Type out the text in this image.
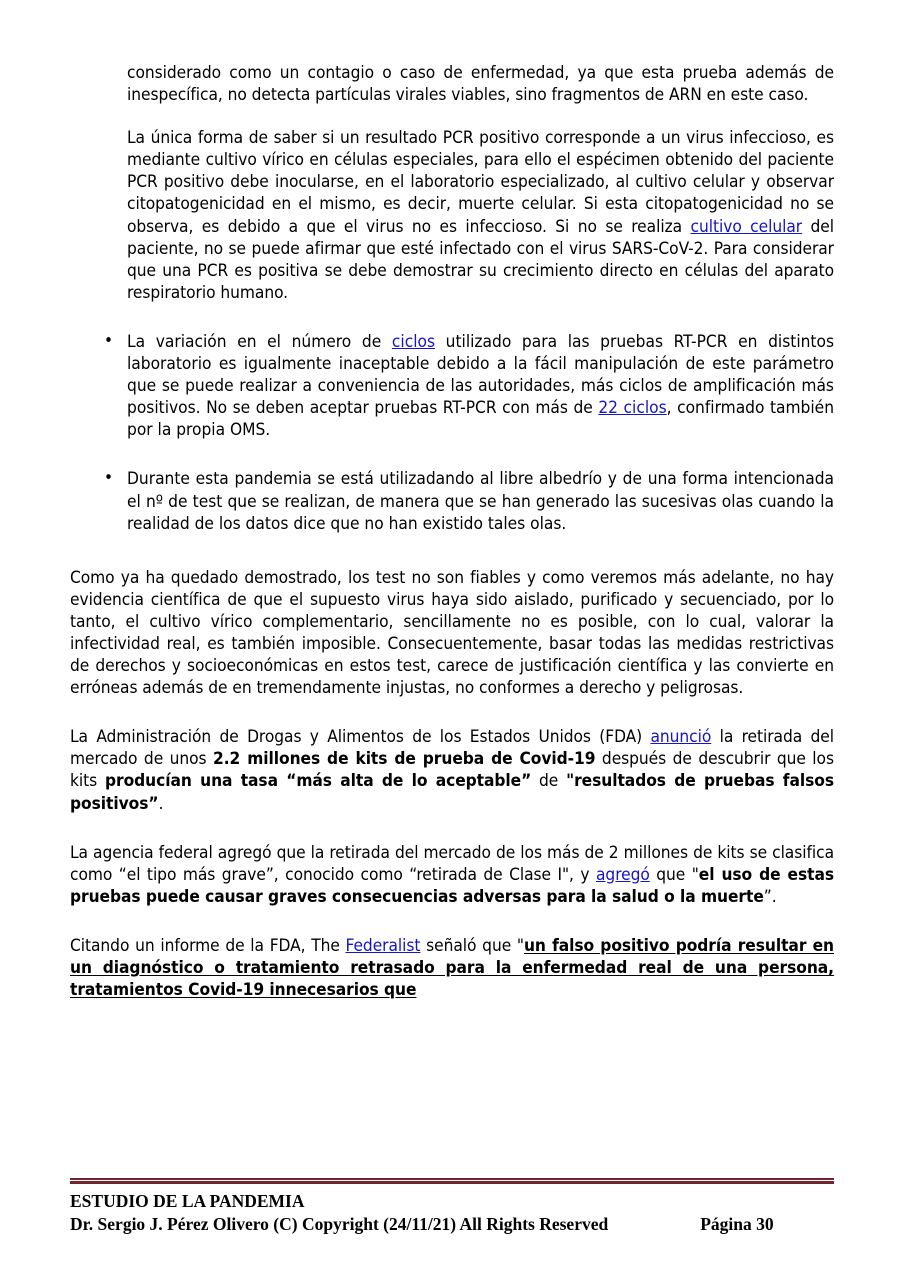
considerado como un contagio o caso de enfermedad, ya que esta prueba además de inespecífica, no detecta partículas virales viables, sino fragmentos de ARN en este caso.

La única forma de saber si un resultado PCR positivo corresponde a un virus infeccioso, es mediante cultivo vírico en células especiales, para ello el espécimen obtenido del paciente PCR positivo debe inocularse, en el laboratorio especializado, al cultivo celular y observar citopatogenicidad en el mismo, es decir, muerte celular. Si esta citopatogenicidad no se observa, es debido a que el virus no es infeccioso. Si no se realiza cultivo celular del paciente, no se puede afirmar que esté infectado con el virus SARS-CoV-2. Para considerar que una PCR es positiva se debe demostrar su crecimiento directo en células del aparato respiratorio humano.

• La variación en el número de ciclos utilizado para las pruebas RT-PCR en distintos laboratorio es igualmente inaceptable debido a la fácil manipulación de este parámetro que se puede realizar a conveniencia de las autoridades, más ciclos de amplificación más positivos. No se deben aceptar pruebas RT-PCR con más de 22 ciclos, confirmado también por la propia OMS.
• Durante esta pandemia se está utilizadando al libre albedrío y de una forma intencionada el nº de test que se realizan, de manera que se han generado las sucesivas olas cuando la realidad de los datos dice que no han existido tales olas.

Como ya ha quedado demostrado, los test no son fiables y como veremos más adelante, no hay evidencia científica de que el supuesto virus haya sido aislado, purificado y secuenciado, por lo tanto, el cultivo vírico complementario, sencillamente no es posible, con lo cual, valorar la infectividad real, es también imposible. Consecuentemente, basar todas las medidas restrictivas de derechos y socioeconómicas en estos test, carece de justificación científica y las convierte en erróneas además de en tremendamente injustas, no conformes a derecho y peligrosas.

La Administración de Drogas y Alimentos de los Estados Unidos (FDA) anunció la retirada del mercado de unos 2.2 millones de kits de prueba de Covid-19 después de descubrir que los kits producían una tasa “más alta de lo aceptable” de "resultados de pruebas falsos positivos”.

La agencia federal agregó que la retirada del mercado de los más de 2 millones de kits se clasifica como “el tipo más grave”, conocido como “retirada de Clase I", y agregó que "el uso de estas pruebas puede causar graves consecuencias adversas para la salud o la muerte”.

Citando un informe de la FDA, The Federalist señaló que "un falso positivo podría resultar en un diagnóstico o tratamiento retrasado para la enfermedad real de una persona, tratamientos Covid-19 innecesarios que

ESTUDIO DE LA PANDEMIA
Dr. Sergio J. Pérez Olivero (C) Copyright (24/11/21) All Rights Reserved	Página 30
